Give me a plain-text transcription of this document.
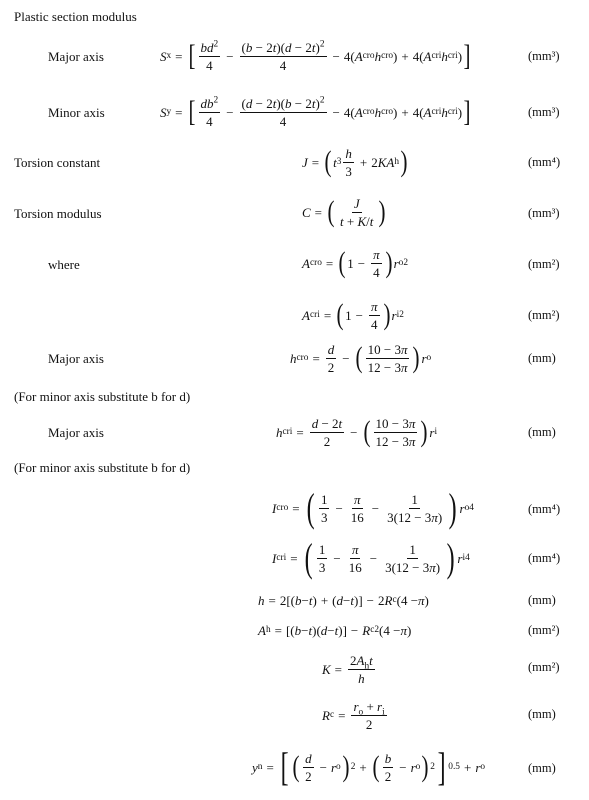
Plastic section modulus
Major axis	S x = [ $\frac{bd^2}{4} - \frac{(b - 2t)(d - 2t)^2}{4} - 4$( A cro h cro ) + 4( A cri h cri ) ]	(mm³)
Minor axis	S y = [ $\frac{db^2}{4} - \frac{(d - 2t)(b - 2t)^2}{4} - 4$( A cro h cro ) + 4( A cri h cri ) ]	(mm³)
Torsion constant	J = ( t $3 \frac{h}{3} + 2$ KA h )	(mm⁴)
Torsion modulus	C = ( $\frac{J}{t + K/t}$ )	(mm³)
where	A cro = ( $1 - \frac{\pi}{4}$ ) r o 2	(mm²)
A cri = ( $1 - \frac{\pi}{4}$ ) r i 2	(mm²)
Major axis	h cro = $\frac{d}{2}$ − ( $\frac{10 - 3\pi}{12 - 3\pi}$ ) r o	(mm)
(For minor axis substitute b for d)
Major axis	h cri = $\frac{d - 2t}{2}$ − ( $\frac{10 - 3\pi}{12 - 3\pi}$ ) r i	(mm)
(For minor axis substitute b for d)
I cro = ( $\frac{1}{3} - \frac{\pi}{16} - \frac{1}{3(12 - 3\pi)}$ ) r o 4	(mm⁴)
I cri = ( $\frac{1}{3} - \frac{\pi}{16} - \frac{1}{3(12 - 3\pi)}$ ) r i 4	(mm⁴)
h = 2[( b − t ) + ( d − t )] − 2 R c (4 − π )	(mm)
A h = [( b − t )( d − t )] − R c 2 (4 − π )	(mm²)
$K = \frac{2A_ht}{h}$	(mm²)
R $c = \frac{r_o + r_i}{2}$	(mm)
y n = [ ( $\frac{d}{2} - r$ o ) 2 + ( $\frac{b}{2} - r$ o ) 2 ] 0.5 + r o	(mm)
